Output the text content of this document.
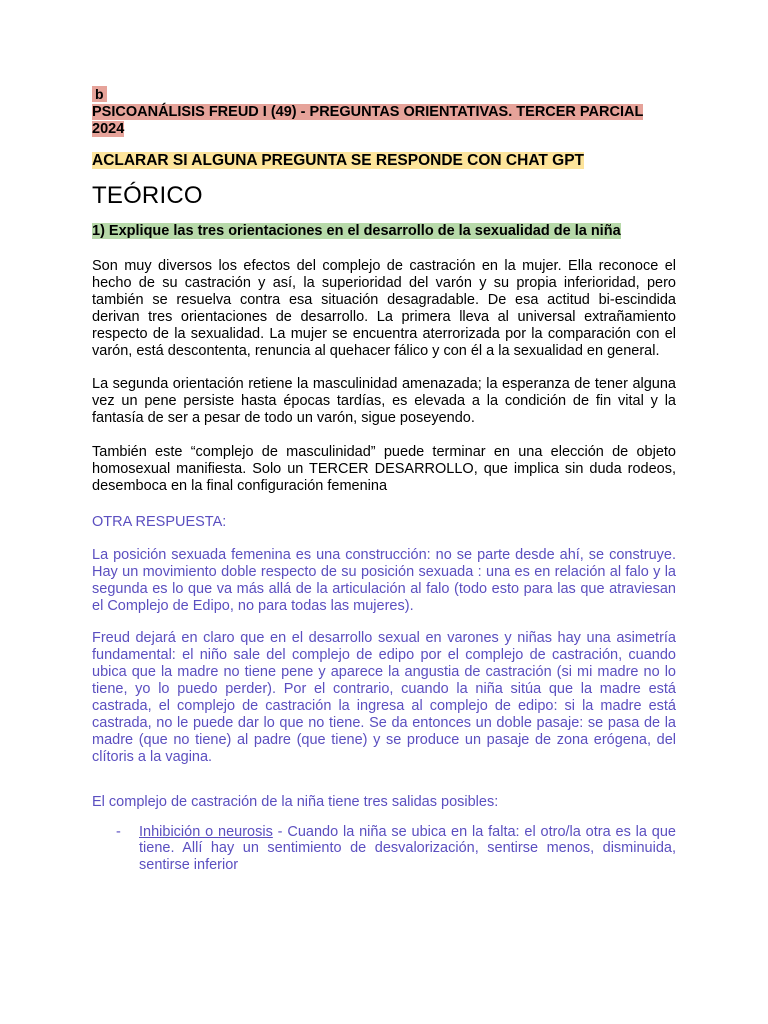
b
PSICOANÁLISIS FREUD I (49) - PREGUNTAS ORIENTATIVAS. TERCER PARCIAL 2024
ACLARAR SI ALGUNA PREGUNTA SE RESPONDE CON CHAT GPT
TEÓRICO
1) Explique las tres orientaciones en el desarrollo de la sexualidad de la niña

Son muy diversos los efectos del complejo de castración en la mujer. Ella reconoce el hecho de su castración y así, la superioridad del varón y su propia inferioridad, pero también se resuelva contra esa situación desagradable. De esa actitud bi-escindida derivan tres orientaciones de desarrollo. La primera lleva al universal extrañamiento respecto de la sexualidad. La mujer se encuentra aterrorizada por la comparación con el varón, está descontenta, renuncia al quehacer fálico y con él a la sexualidad en general.

La segunda orientación retiene la masculinidad amenazada; la esperanza de tener alguna vez un pene persiste hasta épocas tardías, es elevada a la condición de fin vital y la fantasía de ser a pesar de todo un varón, sigue poseyendo.

También este “complejo de masculinidad” puede terminar en una elección de objeto homosexual manifiesta. Solo un TERCER DESARROLLO, que implica sin duda rodeos, desemboca en la final configuración femenina

OTRA RESPUESTA:

La posición sexuada femenina es una construcción: no se parte desde ahí, se construye. Hay un movimiento doble respecto de su posición sexuada : una es en relación al falo y la segunda es lo que va más allá de la articulación al falo (todo esto para las que atraviesan el Complejo de Edipo, no para todas las mujeres).

Freud dejará en claro que en el desarrollo sexual en varones y niñas hay una asimetría fundamental: el niño sale del complejo de edipo por el complejo de castración, cuando ubica que la madre no tiene pene y aparece la angustia de castración (si mi madre no lo tiene, yo lo puedo perder). Por el contrario, cuando la niña sitúa que la madre está castrada, el complejo de castración la ingresa al complejo de edipo: si la madre está castrada, no le puede dar lo que no tiene. Se da entonces un doble pasaje: se pasa de la madre (que no tiene) al padre (que tiene) y se produce un pasaje de zona erógena, del clítoris a la vagina.

El complejo de castración de la niña tiene tres salidas posibles:

- Inhibición o neurosis - Cuando la niña se ubica en la falta: el otro/la otra es la que tiene. Allí hay un sentimiento de desvalorización, sentirse menos, disminuida, sentirse inferior
